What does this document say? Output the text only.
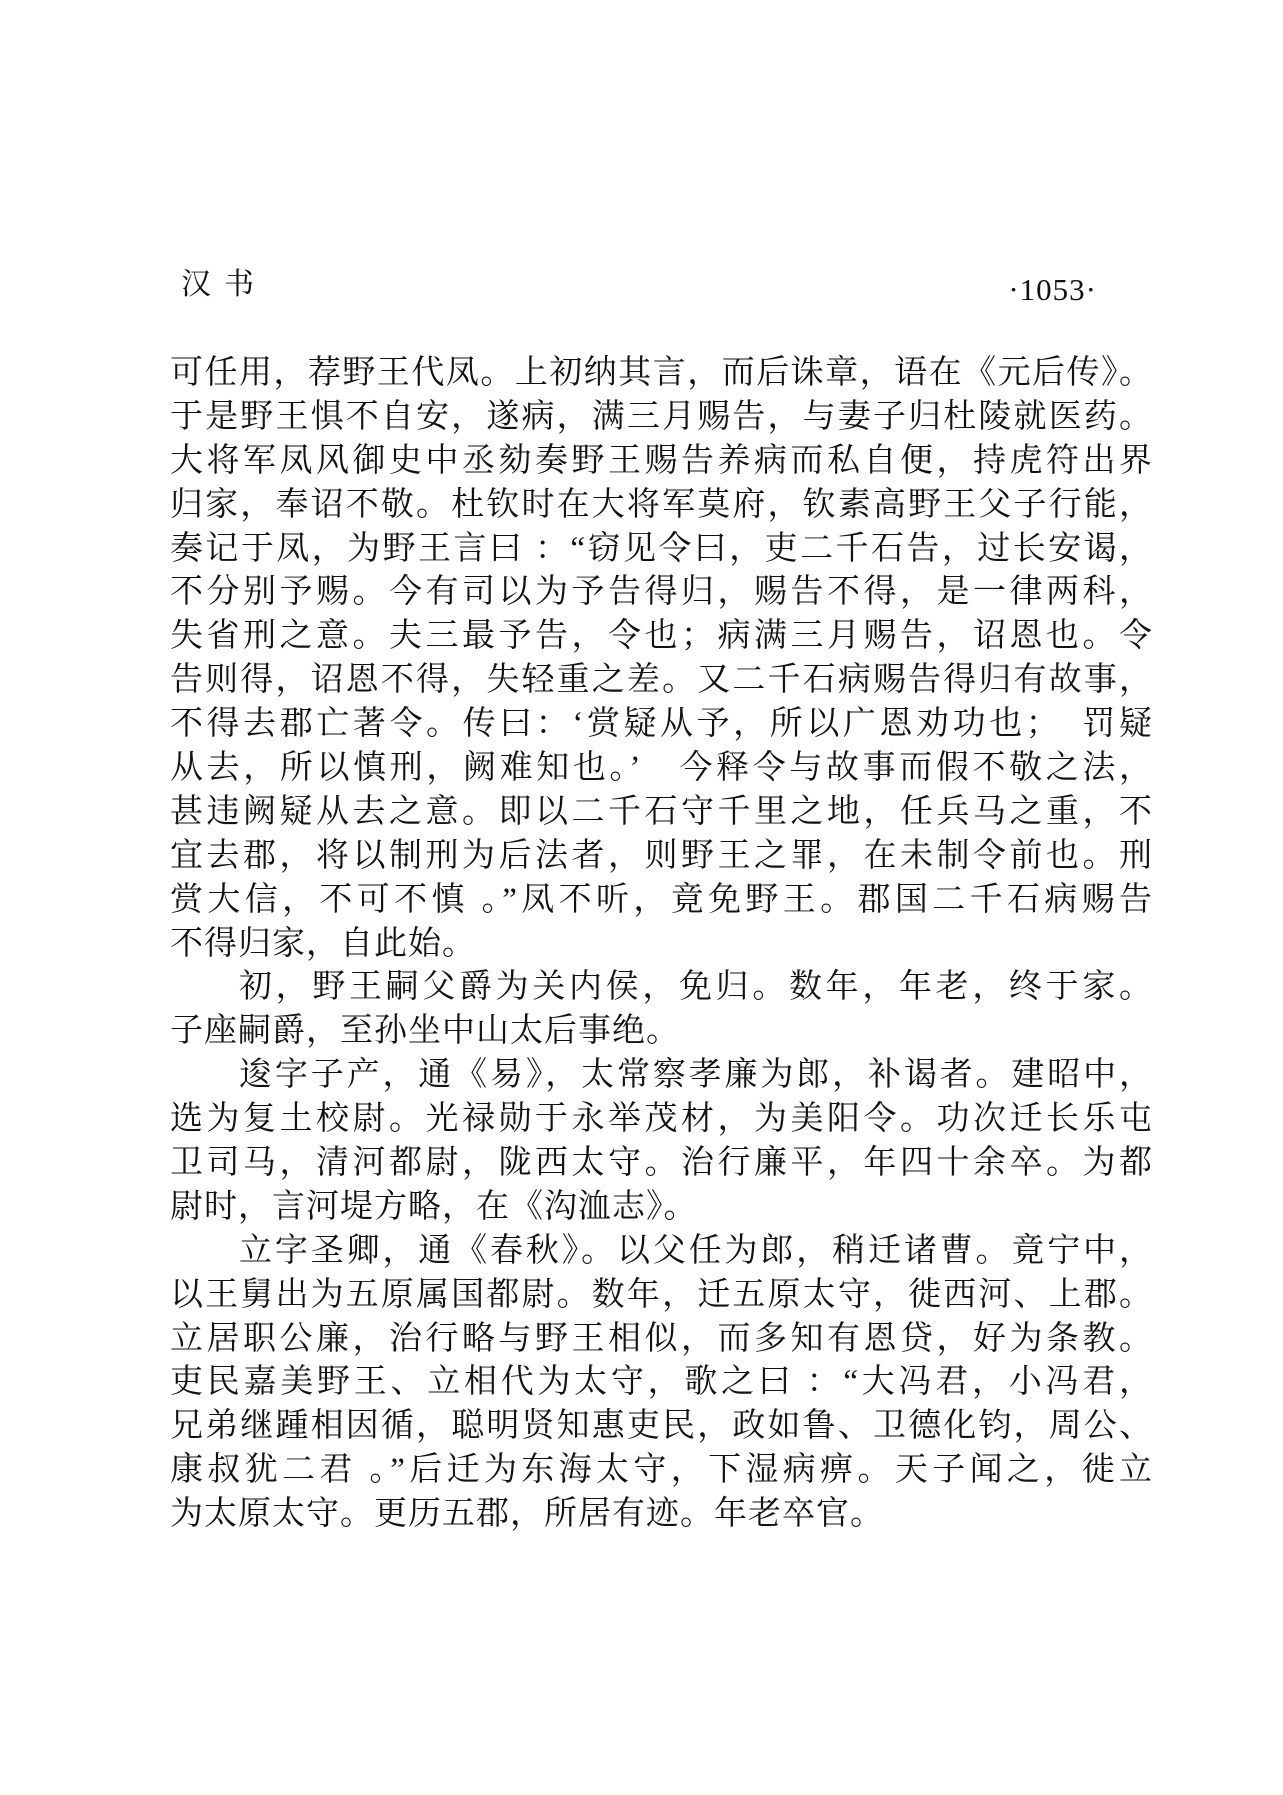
汉书	·1053·
可任用，荐野王代凤。上初纳其言，而后诛章，语在《元后传》。
于是野王惧不自安，遂病，满三月赐告，与妻子归杜陵就医药。
大将军凤风御史中丞劾奏野王赐告养病而私自便，持虎符出界
归家，奉诏不敬。杜钦时在大将军莫府，钦素高野王父子行能，
奏记于凤，为野王言曰 ：“窃见令曰，吏二千石告，过长安谒，
不分别予赐。今有司以为予告得归，赐告不得，是一律两科，
失省刑之意。夫三最予告，令也；病满三月赐告，诏恩也。令
告则得，诏恩不得，失轻重之差。又二千石病赐告得归有故事，
不得去郡亡著令。传曰：‘赏疑从予，所以广恩劝功也；　罚疑
从去，所以慎刑，阙难知也。’　今释令与故事而假不敬之法，
甚违阙疑从去之意。即以二千石守千里之地，任兵马之重，不
宜去郡，将以制刑为后法者，则野王之罪，在未制令前也。刑
赏大信，不可不慎 。”凤不听，竟免野王。郡国二千石病赐告
不得归家，自此始。
初，野王嗣父爵为关内侯，免归。数年，年老，终于家。
子座嗣爵，至孙坐中山太后事绝。
逡字子产，通《易》，太常察孝廉为郎，补谒者。建昭中，
选为复土校尉。光禄勋于永举茂材，为美阳令。功次迁长乐屯
卫司马，清河都尉，陇西太守。治行廉平，年四十余卒。为都
尉时，言河堤方略，在《沟洫志》。
立字圣卿，通《春秋》。以父任为郎，稍迁诸曹。竟宁中，
以王舅出为五原属国都尉。数年，迁五原太守，徙西河、上郡。
立居职公廉，治行略与野王相似，而多知有恩贷，好为条教。
吏民嘉美野王、立相代为太守，歌之曰 ：“大冯君，小冯君，
兄弟继踵相因循，聪明贤知惠吏民，政如鲁、卫德化钧，周公、
康叔犹二君 。”后迁为东海太守，下湿病痹。天子闻之，徙立
为太原太守。更历五郡，所居有迹。年老卒官。
